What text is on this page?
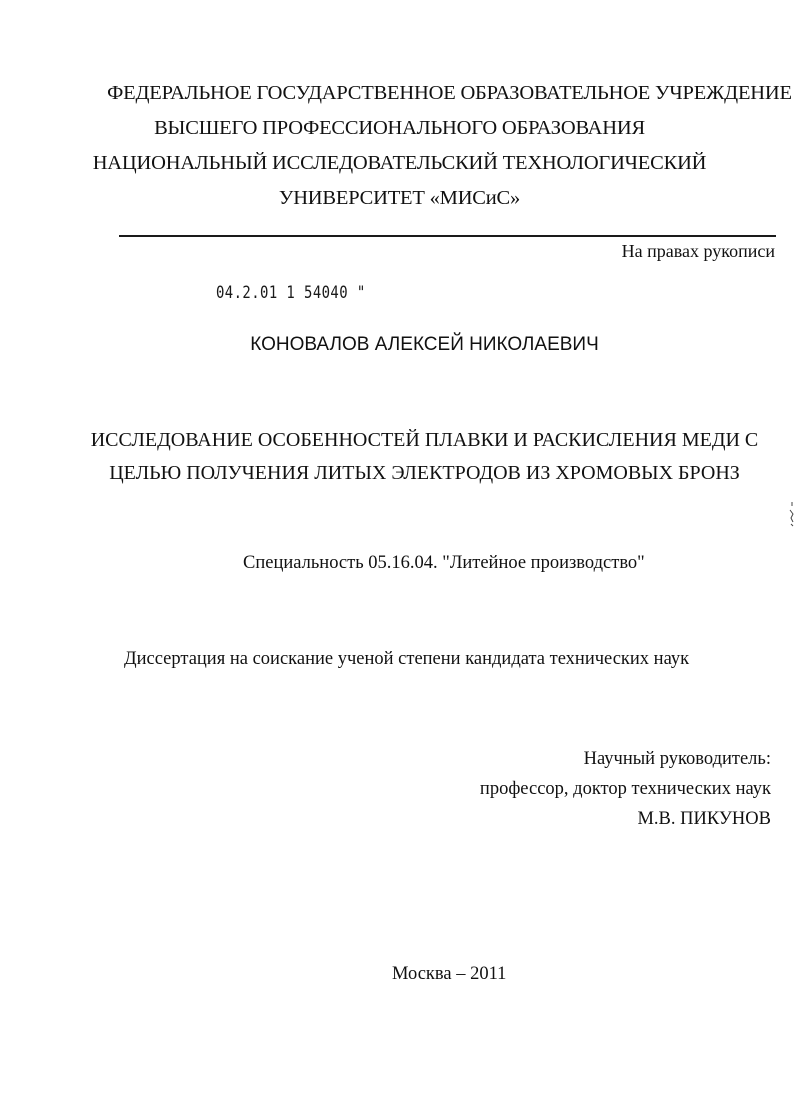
ФЕДЕРАЛЬНОЕ ГОСУДАРСТВЕННОЕ ОБРАЗОВАТЕЛЬНОЕ УЧРЕЖДЕНИЕ
ВЫСШЕГО ПРОФЕССИОНАЛЬНОГО ОБРАЗОВАНИЯ
НАЦИОНАЛЬНЫЙ ИССЛЕДОВАТЕЛЬСКИЙ ТЕХНОЛОГИЧЕСКИЙ
УНИВЕРСИТЕТ «МИСиС»
На правах рукописи
04.2.01 1 54040 "
КОНОВАЛОВ АЛЕКСЕЙ НИКОЛАЕВИЧ
ИССЛЕДОВАНИЕ ОСОБЕННОСТЕЙ ПЛАВКИ И РАСКИСЛЕНИЯ МЕДИ С
ЦЕЛЬЮ ПОЛУЧЕНИЯ ЛИТЫХ ЭЛЕКТРОДОВ ИЗ ХРОМОВЫХ БРОНЗ
Специальность 05.16.04. "Литейное производство"
Диссертация на соискание ученой степени кандидата технических наук
Научный руководитель:
профессор, доктор технических наук
М.В. ПИКУНОВ
Москва – 2011
